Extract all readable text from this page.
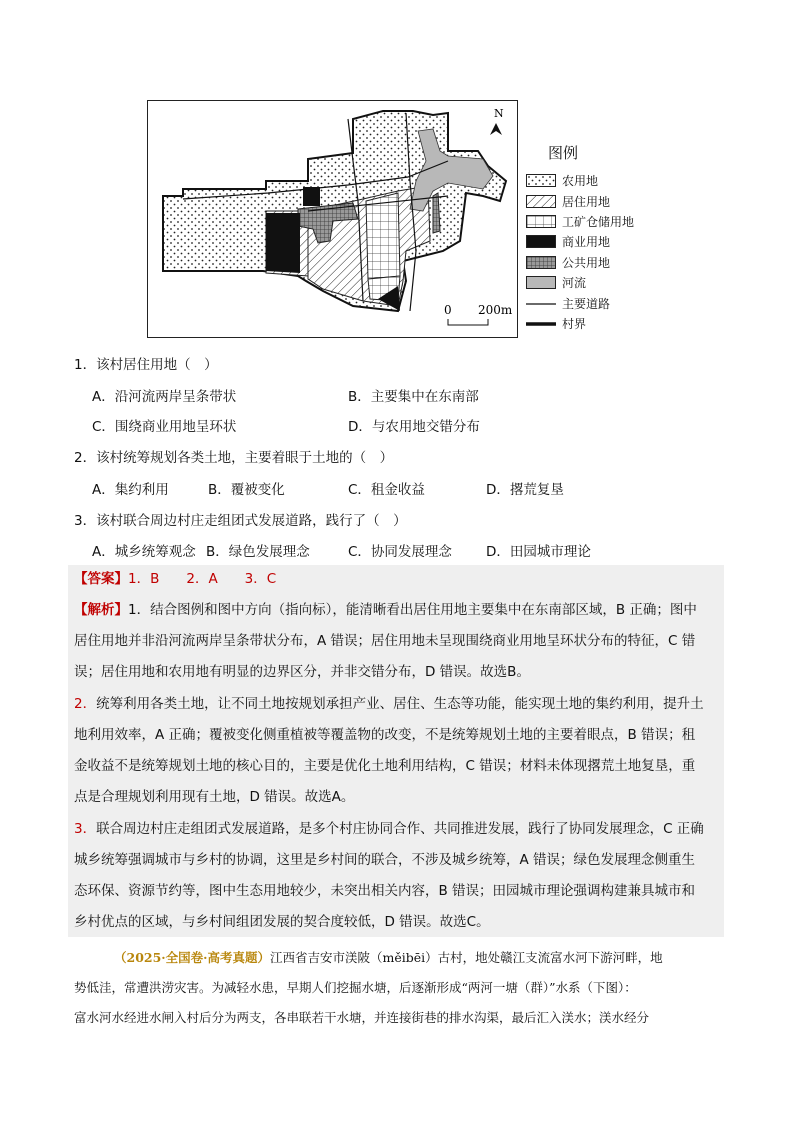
N
0 200m
图例
农用地
居住用地
工矿仓储用地
商业用地
公共用地
河流
主要道路
村界
1．该村居住用地（　）
A．沿河流两岸呈条带状	B．主要集中在东南部
C．围绕商业用地呈环状	D．与农用地交错分布
2．该村统筹规划各类土地，主要着眼于土地的（　）
A．集约利用	B．覆被变化	C．租金收益	D．撂荒复垦
3．该村联合周边村庄走组团式发展道路，践行了（　）
A．城乡统筹观念 B．绿色发展理念	C．协同发展理念	D．田园城市理论
【答案】1．B　　2．A　　3．C
【解析】1．结合图例和图中方向（指向标），能清晰看出居住用地主要集中在东南部区域，B 正确；图中
居住用地并非沿河流两岸呈条带状分布，A 错误；居住用地未呈现围绕商业用地呈环状分布的特征，C 错
误；居住用地和农用地有明显的边界区分，并非交错分布，D 错误。故选B。
2．统筹利用各类土地，让不同土地按规划承担产业、居住、生态等功能，能实现土地的集约利用，提升土
地利用效率，A 正确；覆被变化侧重植被等覆盖物的改变，不是统筹规划土地的主要着眼点，B 错误；租
金收益不是统筹规划土地的核心目的，主要是优化土地利用结构，C 错误；材料未体现撂荒土地复垦，重
点是合理规划利用现有土地，D 错误。故选A。
3．联合周边村庄走组团式发展道路，是多个村庄协同合作、共同推进发展，践行了协同发展理念，C 正确
城乡统筹强调城市与乡村的协调，这里是乡村间的联合，不涉及城乡统筹，A 错误；绿色发展理念侧重生
态环保、资源节约等，图中生态用地较少，未突出相关内容，B 错误；田园城市理论强调构建兼具城市和
乡村优点的区域，与乡村间组团发展的契合度较低，D 错误。故选C。
（2025·全国卷·高考真题）江西省吉安市渼陂（měibēi）古村，地处赣江支流富水河下游河畔，地
势低洼，常遭洪涝灾害。为减轻水患，早期人们挖掘水塘，后逐渐形成“两河一塘（群）”水系（下图）：
富水河水经进水闸入村后分为两支，各串联若干水塘，并连接街巷的排水沟渠，最后汇入渼水；渼水经分
